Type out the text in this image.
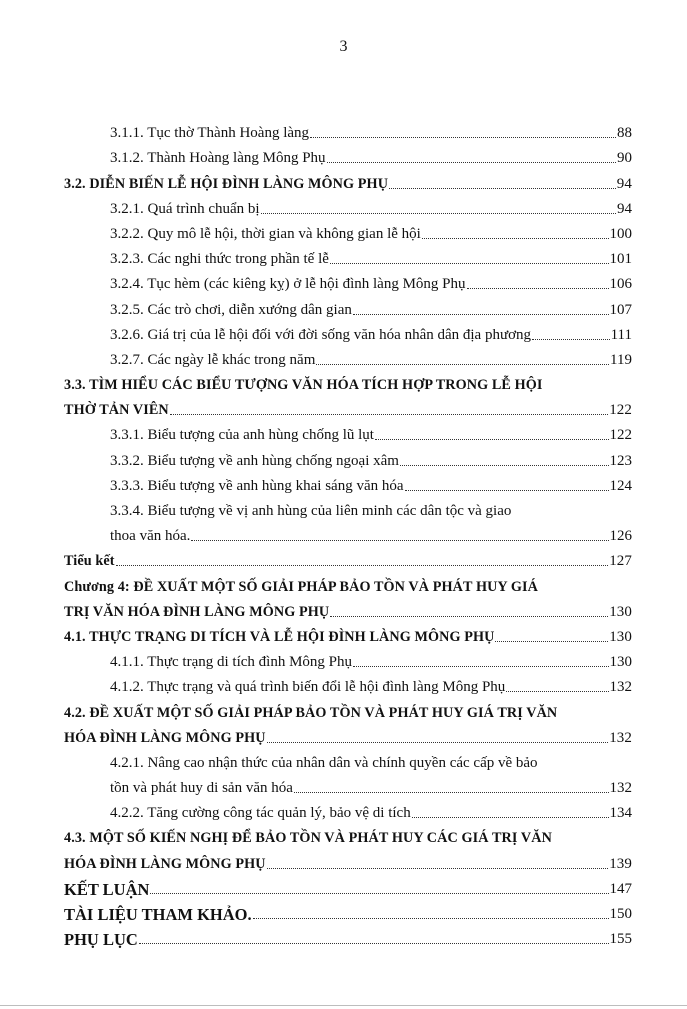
3
3.1.1. Tục thờ Thành Hoàng làng	88
3.1.2. Thành Hoàng làng Mông Phụ	90
3.2. DIỄN BIẾN LỄ HỘI ĐÌNH LÀNG MÔNG PHỤ	94
3.2.1. Quá trình chuẩn bị	94
3.2.2. Quy mô lễ hội, thời gian và không gian lễ hội	100
3.2.3. Các nghi thức trong phần tế lễ	101
3.2.4. Tục hèm (các kiêng kỵ) ở lễ hội đình làng Mông Phụ	106
3.2.5. Các trò chơi, diễn xướng dân gian	107
3.2.6. Giá trị của lễ hội đối với đời sống văn hóa nhân dân địa phương	111
3.2.7. Các ngày lễ khác trong năm	119
3.3. TÌM HIỂU CÁC BIỂU TƯỢNG VĂN HÓA TÍCH HỢP TRONG LỄ HỘI
THỜ TẢN VIÊN	122
3.3.1. Biểu tượng của anh hùng chống lũ lụt	122
3.3.2. Biểu tượng về anh hùng chống ngoại xâm	123
3.3.3. Biểu tượng về anh hùng khai sáng văn hóa	124
3.3.4. Biểu tượng về vị anh hùng của liên minh các dân tộc và giao
thoa văn hóa.	126
Tiểu kết	127
Chương 4: ĐỀ XUẤT MỘT SỐ GIẢI PHÁP BẢO TỒN VÀ PHÁT HUY GIÁ
TRỊ VĂN HÓA ĐÌNH LÀNG MÔNG PHỤ	130
4.1. THỰC TRẠNG DI TÍCH VÀ LỄ HỘI ĐÌNH LÀNG MÔNG PHỤ	130
4.1.1. Thực trạng di tích đình Mông Phụ	130
4.1.2. Thực trạng và quá trình biến đổi lễ hội đình làng Mông Phụ	132
4.2. ĐỀ XUẤT MỘT SỐ GIẢI PHÁP BẢO TỒN VÀ PHÁT HUY GIÁ TRỊ VĂN
HÓA ĐÌNH LÀNG MÔNG PHỤ	132
4.2.1. Nâng cao nhận thức của nhân dân và chính quyền các cấp về bảo
tồn và phát huy di sản văn hóa	132
4.2.2. Tăng cường công tác quản lý, bảo vệ di tích	134
4.3. MỘT SỐ KIẾN NGHỊ ĐỂ BẢO TỒN VÀ PHÁT HUY CÁC GIÁ TRỊ VĂN
HÓA ĐÌNH LÀNG MÔNG PHỤ	139
KẾT LUẬN	147
TÀI LIỆU THAM KHẢO.	150
PHỤ LỤC	155
